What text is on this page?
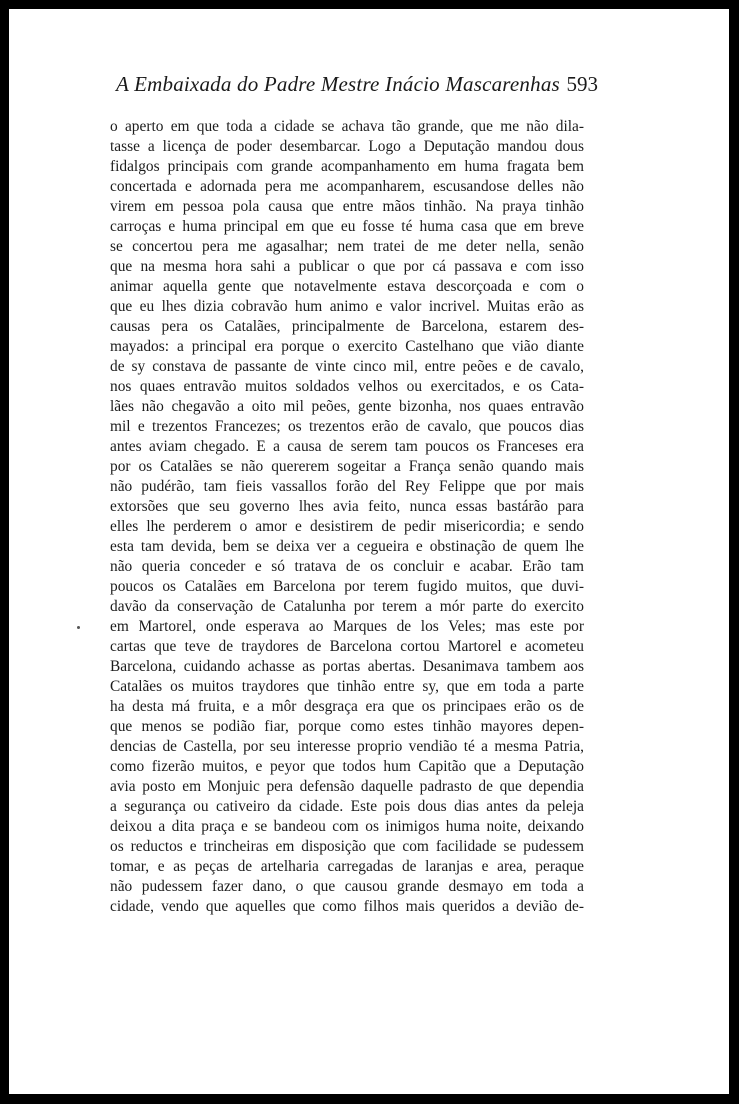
A Embaixada do Padre Mestre Inácio Mascarenhas 593
o aperto em que toda a cidade se achava tão grande, que me não dila-
tasse a licença de poder desembarcar. Logo a Deputação mandou dous
fidalgos principais com grande acompanhamento em huma fragata bem
concertada e adornada pera me acompanharem, escusandose delles não
virem em pessoa pola causa que entre mãos tinhão. Na praya tinhão
carroças e huma principal em que eu fosse té huma casa que em breve
se concertou pera me agasalhar; nem tratei de me deter nella, senão
que na mesma hora sahi a publicar o que por cá passava e com isso
animar aquella gente que notavelmente estava descorçoada e com o
que eu lhes dizia cobravão hum animo e valor incrivel. Muitas erão as
causas pera os Catalães, principalmente de Barcelona, estarem des-
mayados: a principal era porque o exercito Castelhano que vião diante
de sy constava de passante de vinte cinco mil, entre peões e de cavalo,
nos quaes entravão muitos soldados velhos ou exercitados, e os Cata-
lães não chegavão a oito mil peões, gente bizonha, nos quaes entravão
mil e trezentos Francezes; os trezentos erão de cavalo, que poucos dias
antes aviam chegado. E a causa de serem tam poucos os Franceses era
por os Catalães se não quererem sogeitar a França senão quando mais
não pudérão, tam fieis vassallos forão del Rey Felippe que por mais
extorsões que seu governo lhes avia feito, nunca essas bastárão para
elles lhe perderem o amor e desistirem de pedir misericordia; e sendo
esta tam devida, bem se deixa ver a cegueira e obstinação de quem lhe
não queria conceder e só tratava de os concluir e acabar. Erão tam
poucos os Catalães em Barcelona por terem fugido muitos, que duvi-
davão da conservação de Catalunha por terem a mór parte do exercito
em Martorel, onde esperava ao Marques de los Veles; mas este por
cartas que teve de traydores de Barcelona cortou Martorel e acometeu
Barcelona, cuidando achasse as portas abertas. Desanimava tambem aos
Catalães os muitos traydores que tinhão entre sy, que em toda a parte
ha desta má fruita, e a môr desgraça era que os principaes erão os de
que menos se podião fiar, porque como estes tinhão mayores depen-
dencias de Castella, por seu interesse proprio vendião té a mesma Patria,
como fizerão muitos, e peyor que todos hum Capitão que a Deputação
avia posto em Monjuic pera defensão daquelle padrasto de que dependia
a segurança ou cativeiro da cidade. Este pois dous dias antes da peleja
deixou a dita praça e se bandeou com os inimigos huma noite, deixando
os reductos e trincheiras em disposição que com facilidade se pudessem
tomar, e as peças de artelharia carregadas de laranjas e area, peraque
não pudessem fazer dano, o que causou grande desmayo em toda a
cidade, vendo que aquelles que como filhos mais queridos a devião de-
